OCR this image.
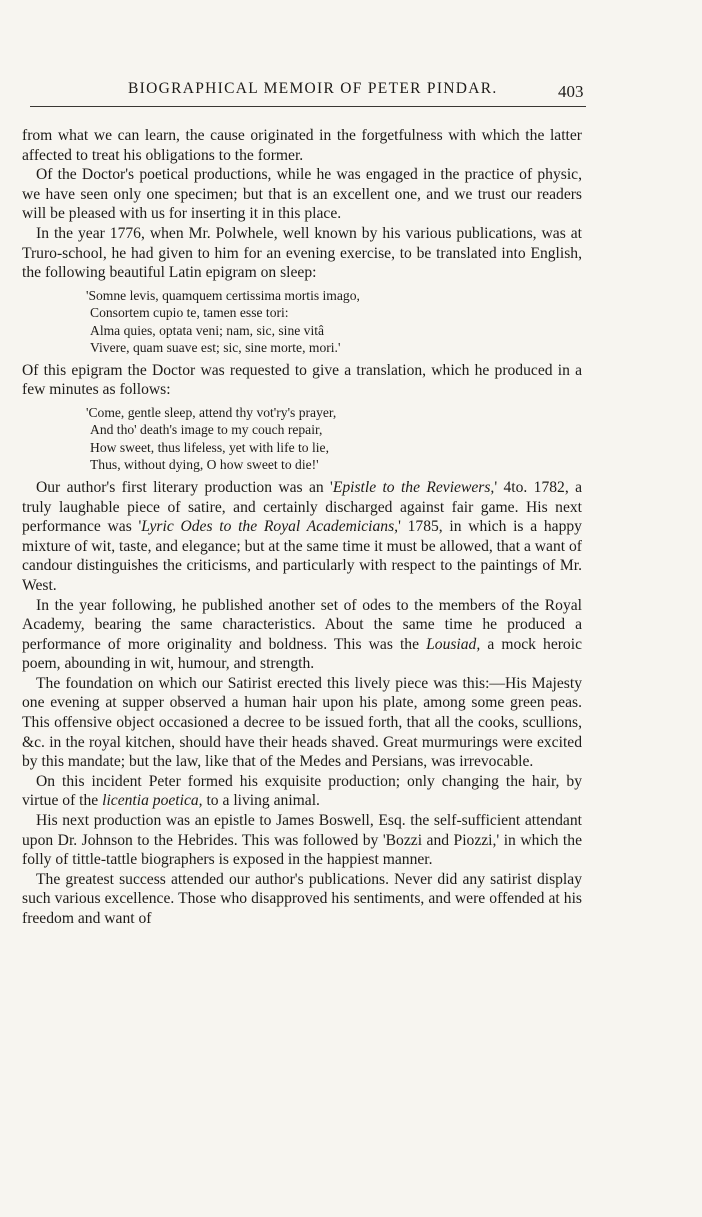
BIOGRAPHICAL MEMOIR OF PETER PINDAR.	403

from what we can learn, the cause originated in the forgetfulness with which the latter affected to treat his obligations to the former.

Of the Doctor's poetical productions, while he was engaged in the practice of physic, we have seen only one specimen; but that is an excellent one, and we trust our readers will be pleased with us for inserting it in this place.

In the year 1776, when Mr. Polwhele, well known by his various publications, was at Truro-school, he had given to him for an evening exercise, to be translated into English, the following beautiful Latin epigram on sleep:

'Somne levis, quamquem certissima mortis imago,
Consortem cupio te, tamen esse tori:
Alma quies, optata veni; nam, sic, sine vitâ
Vivere, quam suave est; sic, sine morte, mori.'

Of this epigram the Doctor was requested to give a translation, which he produced in a few minutes as follows:

'Come, gentle sleep, attend thy vot'ry's prayer,
And tho' death's image to my couch repair,
How sweet, thus lifeless, yet with life to lie,
Thus, without dying, O how sweet to die!'

Our author's first literary production was an 'Epistle to the Reviewers,' 4to. 1782, a truly laughable piece of satire, and certainly discharged against fair game. His next performance was 'Lyric Odes to the Royal Academicians,' 1785, in which is a happy mixture of wit, taste, and elegance; but at the same time it must be allowed, that a want of candour distinguishes the criticisms, and particularly with respect to the paintings of Mr. West.

In the year following, he published another set of odes to the members of the Royal Academy, bearing the same characteristics. About the same time he produced a performance of more originality and boldness. This was the Lousiad, a mock heroic poem, abounding in wit, humour, and strength.

The foundation on which our Satirist erected this lively piece was this:—His Majesty one evening at supper observed a human hair upon his plate, among some green peas. This offensive object occasioned a decree to be issued forth, that all the cooks, scullions, &c. in the royal kitchen, should have their heads shaved. Great murmurings were excited by this mandate; but the law, like that of the Medes and Persians, was irrevocable.

On this incident Peter formed his exquisite production; only changing the hair, by virtue of the licentia poetica, to a living animal.

His next production was an epistle to James Boswell, Esq. the self-sufficient attendant upon Dr. Johnson to the Hebrides. This was followed by 'Bozzi and Piozzi,' in which the folly of tittle-tattle biographers is exposed in the happiest manner.

The greatest success attended our author's publications. Never did any satirist display such various excellence. Those who disapproved his sentiments, and were offended at his freedom and want of
